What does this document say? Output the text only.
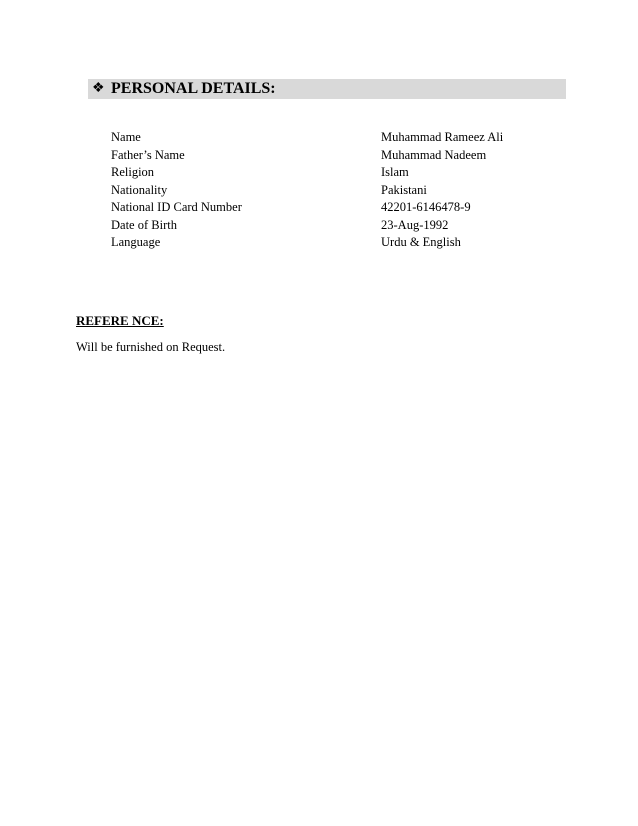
❖ PERSONAL DETAILS:
Name	Muhammad Rameez Ali
Father’s Name	Muhammad Nadeem
Religion	Islam
Nationality	Pakistani
National ID Card Number	42201-6146478-9
Date of Birth	23-Aug-1992
Language	Urdu & English
REFERE NCE:
Will be furnished on Request.
